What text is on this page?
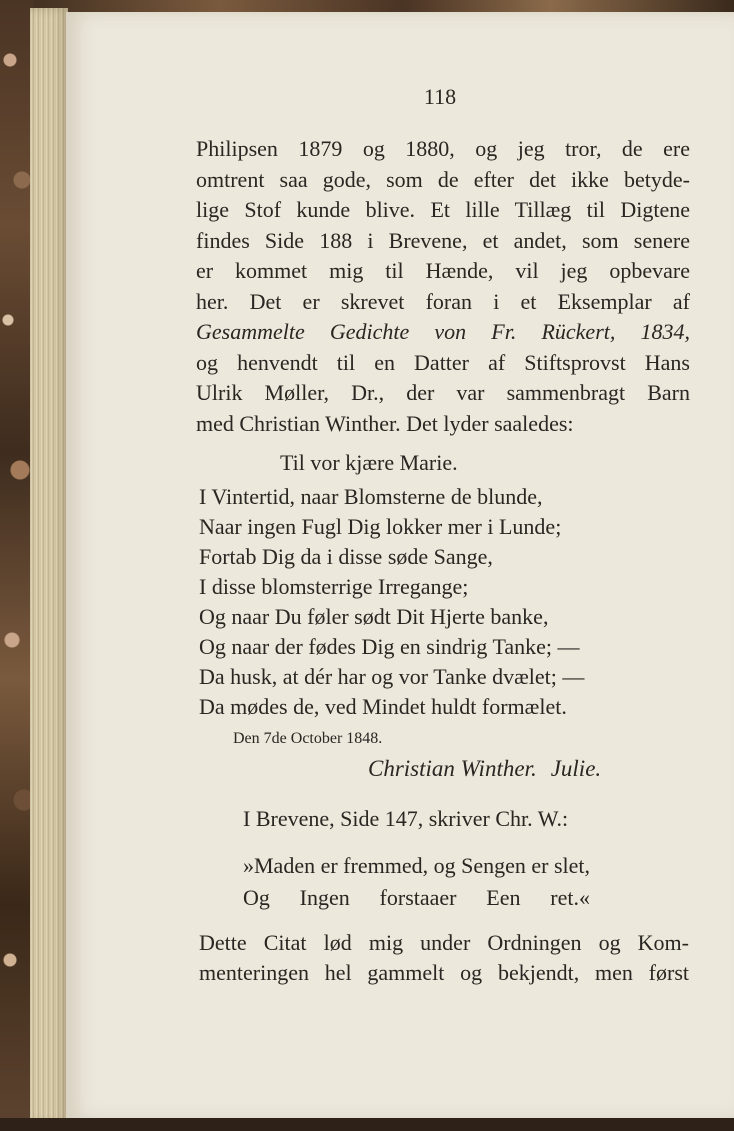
118
Philipsen 1879 og 1880, og jeg tror, de ere
omtrent saa gode, som de efter det ikke betyde-
lige Stof kunde blive. Et lille Tillæg til Digtene
findes Side 188 i Brevene, et andet, som senere
er kommet mig til Hænde, vil jeg opbevare
her. Det er skrevet foran i et Eksemplar af
Gesammelte Gedichte von Fr. Rückert, 1834,
og henvendt til en Datter af Stiftsprovst Hans
Ulrik Møller, Dr., der var sammenbragt Barn
med Christian Winther. Det lyder saaledes:
Til vor kjære Marie.
I Vintertid, naar Blomsterne de blunde,
Naar ingen Fugl Dig lokker mer i Lunde;
Fortab Dig da i disse søde Sange,
I disse blomsterrige Irregange;
Og naar Du føler sødt Dit Hjerte banke,
Og naar der fødes Dig en sindrig Tanke; —
Da husk, at dér har og vor Tanke dvælet; —
Da mødes de, ved Mindet huldt formælet.
Den 7de October 1848.
Christian Winther. Julie.
I Brevene, Side 147, skriver Chr. W.:
»Maden er fremmed, og Sengen er slet,
Og Ingen forstaaer Een ret.«
Dette Citat lød mig under Ordningen og Kom-
menteringen hel gammelt og bekjendt, men først
